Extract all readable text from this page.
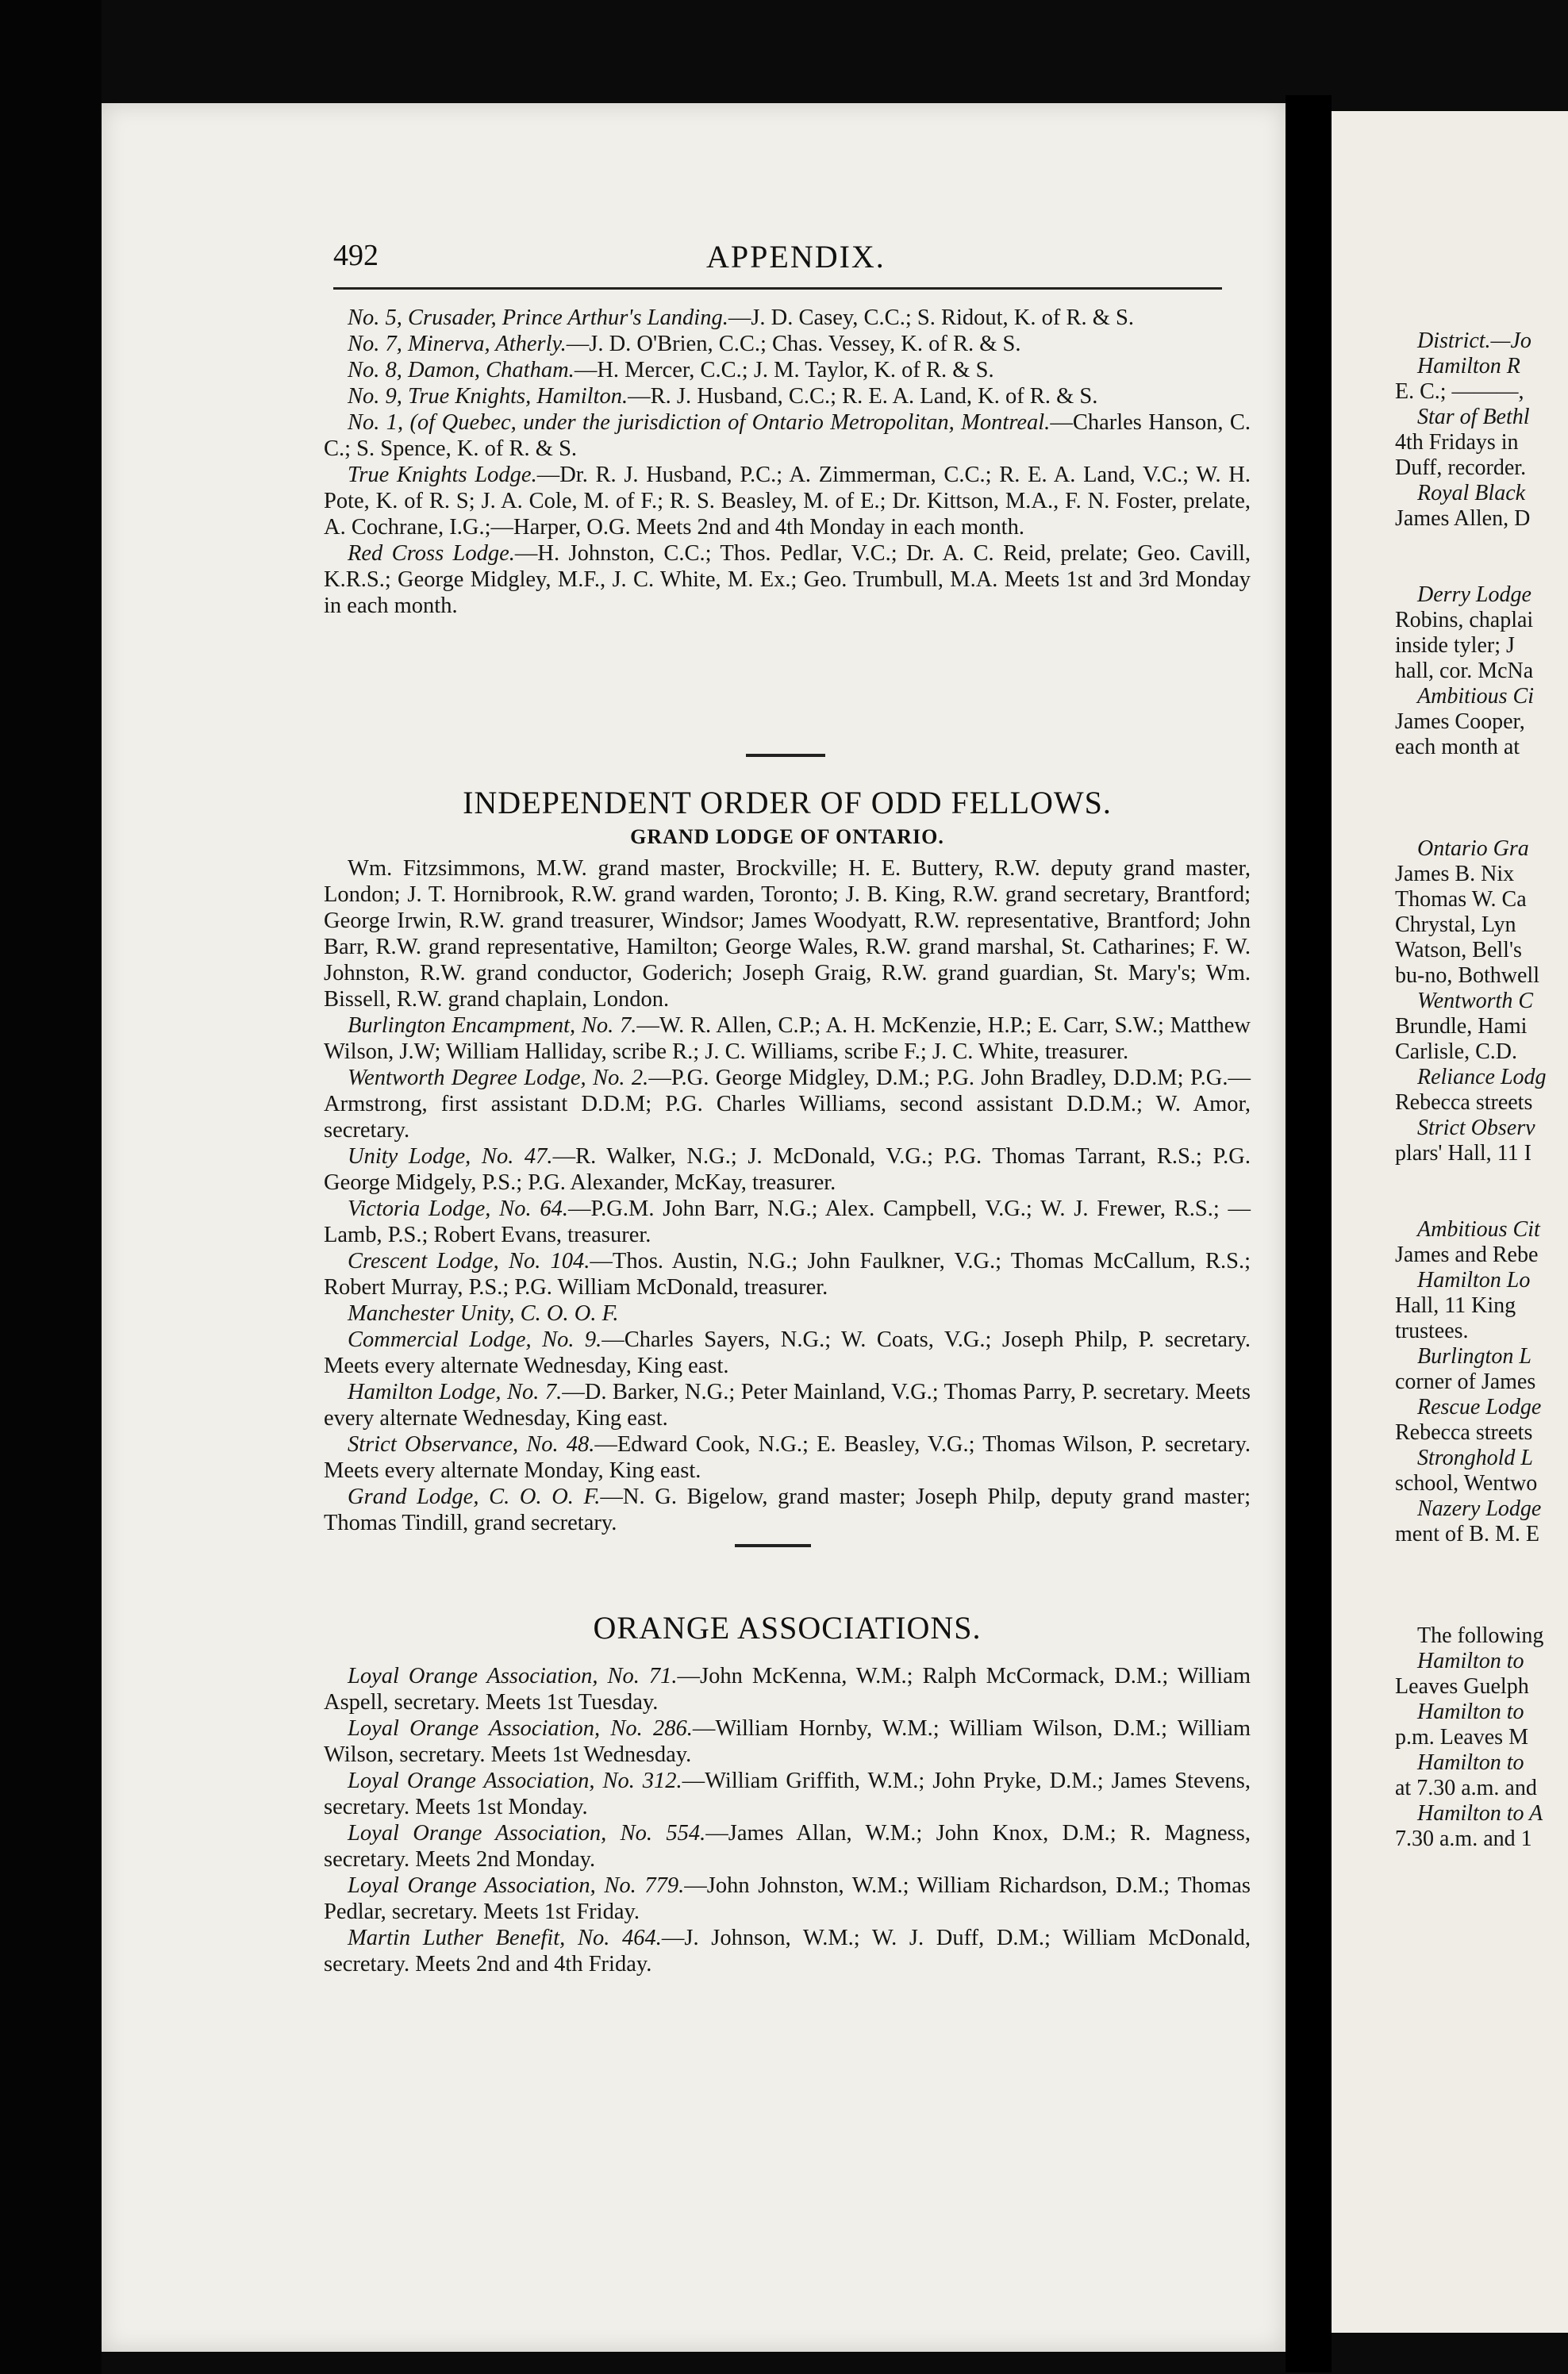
492	APPENDIX.

No. 5, Crusader, Prince Arthur's Landing.—J. D. Casey, C.C.; S. Ridout, K. of R. & S.

No. 7, Minerva, Atherly.—J. D. O'Brien, C.C.; Chas. Vessey, K. of R. & S.

No. 8, Damon, Chatham.—H. Mercer, C.C.; J. M. Taylor, K. of R. & S.

No. 9, True Knights, Hamilton.—R. J. Husband, C.C.; R. E. A. Land, K. of R. & S.

No. 1, (of Quebec, under the jurisdiction of Ontario Metropolitan, Montreal.—Charles Hanson, C. C.; S. Spence, K. of R. & S.

True Knights Lodge.—Dr. R. J. Husband, P.C.; A. Zimmerman, C.C.; R. E. A. Land, V.C.; W. H. Pote, K. of R. S; J. A. Cole, M. of F.; R. S. Beasley, M. of E.; Dr. Kittson, M.A., F. N. Foster, prelate, A. Cochrane, I.G.;—Harper, O.G. Meets 2nd and 4th Monday in each month.

Red Cross Lodge.—H. Johnston, C.C.; Thos. Pedlar, V.C.; Dr. A. C. Reid, prelate; Geo. Cavill, K.R.S.; George Midgley, M.F., J. C. White, M. Ex.; Geo. Trumbull, M.A. Meets 1st and 3rd Monday in each month.

INDEPENDENT ORDER OF ODD FELLOWS.
GRAND LODGE OF ONTARIO.

Wm. Fitzsimmons, M.W. grand master, Brockville; H. E. Buttery, R.W. deputy grand master, London; J. T. Hornibrook, R.W. grand warden, Toronto; J. B. King, R.W. grand secretary, Brantford; George Irwin, R.W. grand treasurer, Windsor; James Woodyatt, R.W. representative, Brantford; John Barr, R.W. grand representative, Hamilton; George Wales, R.W. grand marshal, St. Catharines; F. W. Johnston, R.W. grand conductor, Goderich; Joseph Graig, R.W. grand guardian, St. Mary's; Wm. Bissell, R.W. grand chaplain, London.

Burlington Encampment, No. 7.—W. R. Allen, C.P.; A. H. McKenzie, H.P.; E. Carr, S.W.; Matthew Wilson, J.W; William Halliday, scribe R.; J. C. Williams, scribe F.; J. C. White, treasurer.

Wentworth Degree Lodge, No. 2.—P.G. George Midgley, D.M.; P.G. John Bradley, D.D.M; P.G.—Armstrong, first assistant D.D.M; P.G. Charles Williams, second assistant D.D.M.; W. Amor, secretary.

Unity Lodge, No. 47.—R. Walker, N.G.; J. McDonald, V.G.; P.G. Thomas Tarrant, R.S.; P.G. George Midgely, P.S.; P.G. Alexander, McKay, treasurer.

Victoria Lodge, No. 64.—P.G.M. John Barr, N.G.; Alex. Campbell, V.G.; W. J. Frewer, R.S.; — Lamb, P.S.; Robert Evans, treasurer.

Crescent Lodge, No. 104.—Thos. Austin, N.G.; John Faulkner, V.G.; Thomas McCallum, R.S.; Robert Murray, P.S.; P.G. William McDonald, treasurer.

Manchester Unity, C. O. O. F.

Commercial Lodge, No. 9.—Charles Sayers, N.G.; W. Coats, V.G.; Joseph Philp, P. secretary. Meets every alternate Wednesday, King east.

Hamilton Lodge, No. 7.—D. Barker, N.G.; Peter Mainland, V.G.; Thomas Parry, P. secretary. Meets every alternate Wednesday, King east.

Strict Observance, No. 48.—Edward Cook, N.G.; E. Beasley, V.G.; Thomas Wilson, P. secretary. Meets every alternate Monday, King east.

Grand Lodge, C. O. O. F.—N. G. Bigelow, grand master; Joseph Philp, deputy grand master; Thomas Tindill, grand secretary.

ORANGE ASSOCIATIONS.

Loyal Orange Association, No. 71.—John McKenna, W.M.; Ralph McCormack, D.M.; William Aspell, secretary. Meets 1st Tuesday.

Loyal Orange Association, No. 286.—William Hornby, W.M.; William Wilson, D.M.; William Wilson, secretary. Meets 1st Wednesday.

Loyal Orange Association, No. 312.—William Griffith, W.M.; John Pryke, D.M.; James Stevens, secretary. Meets 1st Monday.

Loyal Orange Association, No. 554.—James Allan, W.M.; John Knox, D.M.; R. Magness, secretary. Meets 2nd Monday.

Loyal Orange Association, No. 779.—John Johnston, W.M.; William Richardson, D.M.; Thomas Pedlar, secretary. Meets 1st Friday.

Martin Luther Benefit, No. 464.—J. Johnson, W.M.; W. J. Duff, D.M.; William McDonald, secretary. Meets 2nd and 4th Friday.

District.—Jo

Hamilton R

E. C.; ———,

Star of Bethl

4th Fridays in

Duff, recorder.

Royal Black

James Allen, D

Derry Lodge

Robins, chaplai

inside tyler; J

hall, cor. McNa

Ambitious Ci

James Cooper,

each month at

Ontario Gra

James B. Nix

Thomas W. Ca

Chrystal, Lyn

Watson, Bell's

bu-no, Bothwell

Wentworth C

Brundle, Hami

Carlisle, C.D.

Reliance Lodg

Rebecca streets

Strict Observ

plars' Hall, 11 I

Ambitious Cit

James and Rebe

Hamilton Lo

Hall, 11 King

trustees.

Burlington L

corner of James

Rescue Lodge

Rebecca streets

Stronghold L

school, Wentwo

Nazery Lodge

ment of B. M. E

The following

Hamilton to

Leaves Guelph

Hamilton to

p.m. Leaves M

Hamilton to

at 7.30 a.m. and

Hamilton to A

7.30 a.m. and 1
